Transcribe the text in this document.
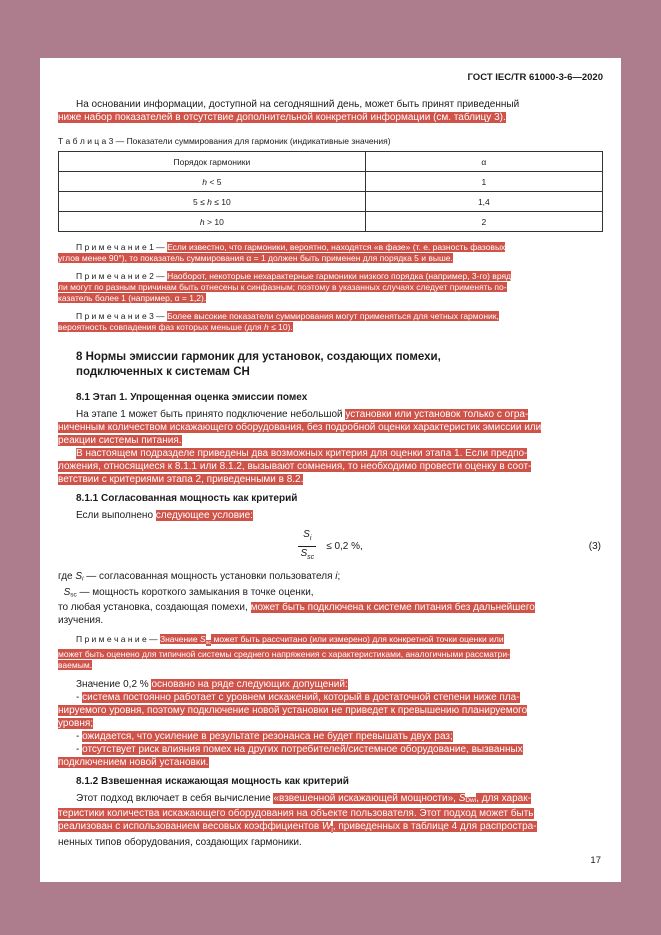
ГОСТ IEC/TR 61000-3-6—2020

На основании информации, доступной на сегодняшний день, может быть принят приведенный
ниже набор показателей в отсутствие дополнительной конкретной информации (см. таблицу 3).

Т а б л и ц а 3 — Показатели суммирования для гармоник (индикативные значения)

Порядок гармоники	α
h < 5	1
5 ≤ h ≤ 10	1,4
h > 10	2

П р и м е ч а н и е 1 — Если известно, что гармоники, вероятно, находятся «в фазе» (т. е. разность фазовых
углов менее 90°), то показатель суммирования α = 1 должен быть применен для порядка 5 и выше.

П р и м е ч а н и е 2 — Наоборот, некоторые нехарактерные гармоники низкого порядка (например, 3-го) вряд
ли могут по разным причинам быть отнесены к синфазным; поэтому в указанных случаях следует применять по-
казатель более 1 (например, α = 1,2).

П р и м е ч а н и е 3 — Более высокие показатели суммирования могут применяться для четных гармоник,
вероятность совпадения фаз которых меньше (для h ≤ 10).

8 Нормы эмиссии гармоник для установок, создающих помехи,
подключенных к системам СН
8.1 Этап 1. Упрощенная оценка эмиссии помех

На этапе 1 может быть принято подключение небольшой установки или установок только с огра-
ниченным количеством искажающего оборудования, без подробной оценки характеристик эмиссии или
реакции системы питания.

В настоящем подразделе приведены два возможных критерия для оценки этапа 1. Если предпо-
ложения, относящиеся к 8.1.1 или 8.1.2, вызывают сомнения, то необходимо провести оценку в соот-
ветствии с критериями этапа 2, приведенными в 8.2.

8.1.1 Согласованная мощность как критерий

Если выполнено следующее условие:

$\frac{S_i}{S_{sc}} \le 0,2$ %,	(3)

где Si — согласованная мощность установки пользователя i;
Ssc — мощность короткого замыкания в точке оценки,
то любая установка, создающая помехи, может быть подключена к системе питания без дальнейшего
изучения.

П р и м е ч а н и е — Значение Ssc может быть рассчитано (или измерено) для конкретной точки оценки или
может быть оценено для типичной системы среднего напряжения с характеристиками, аналогичными рассматри-
ваемым.

Значение 0,2 % основано на ряде следующих допущений:

- система постоянно работает с уровнем искажений, который в достаточной степени ниже пла-
нируемого уровня, поэтому подключение новой установки не приведет к превышению планируемого
уровня;

- ожидается, что усиление в результате резонанса не будет превышать двух раз;

- отсутствует риск влияния помех на других потребителей/системное оборудование, вызванных
подключением новой установки.

8.1.2 Взвешенная искажающая мощность как критерий

Этот подход включает в себя вычисление «взвешенной искажающей мощности», SDwi, для харак-
теристики количества искажающего оборудования на объекте пользователя. Этот подход может быть
реализован с использованием весовых коэффициентов W, приведенных в таблице 4 для распростра-
ненных типов оборудования, создающих гармоники.

17
